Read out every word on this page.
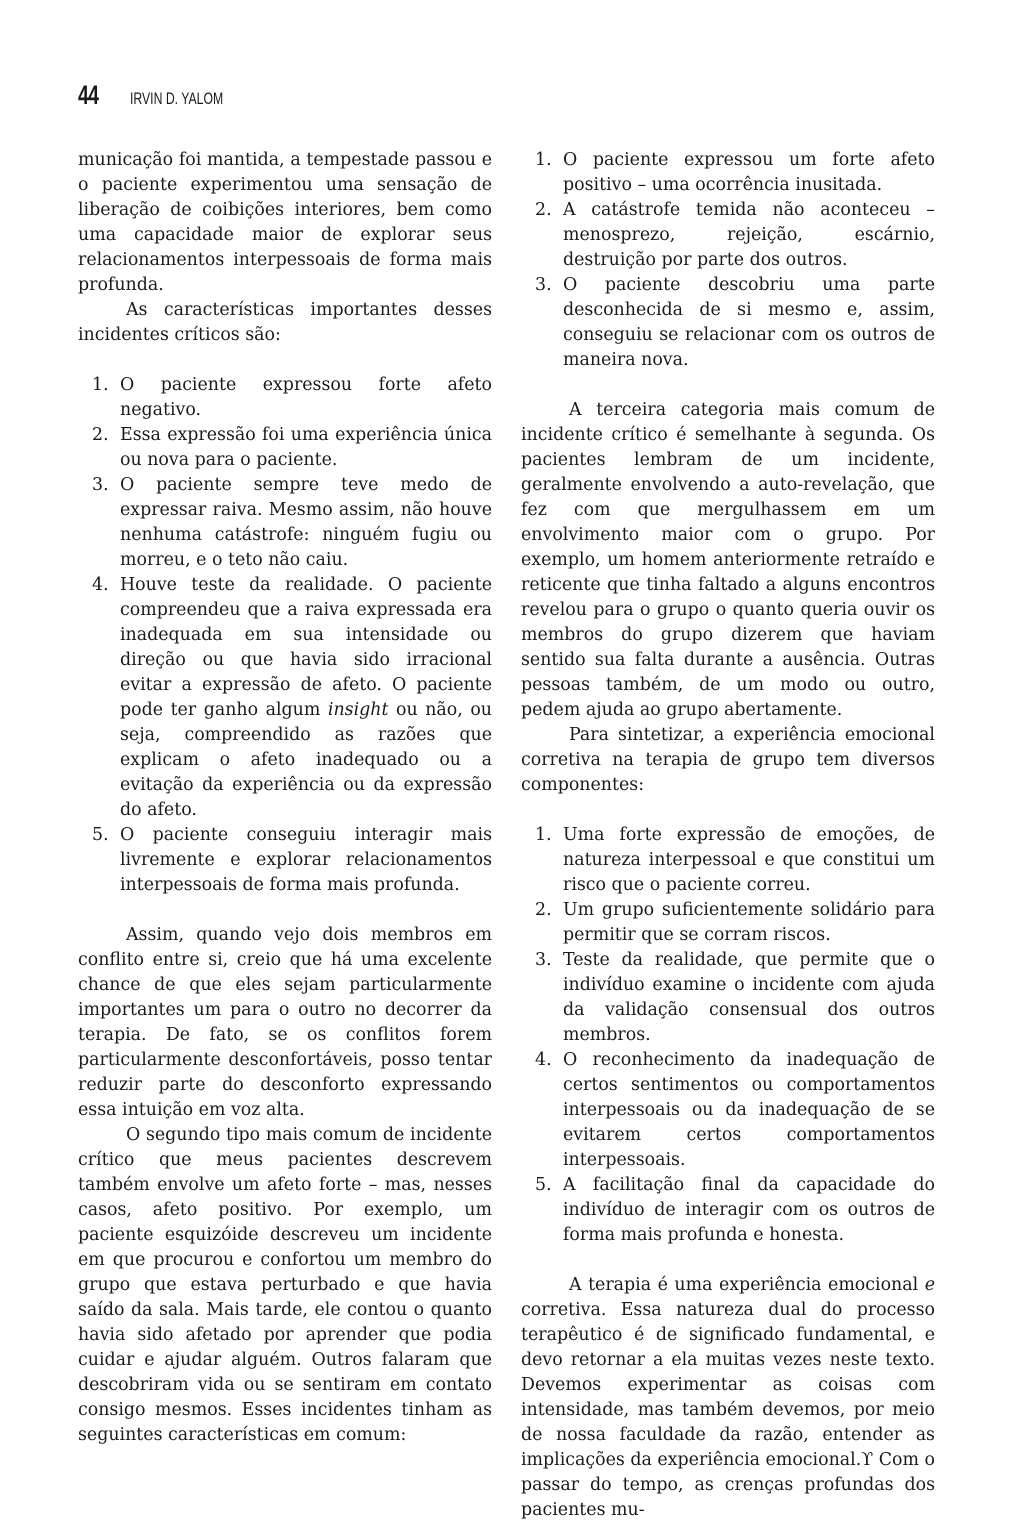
44 IRVIN D. YALOM

municação foi mantida, a tempestade passou e o paciente experimentou uma sensação de liberação de coibições interiores, bem como uma capacidade maior de explorar seus relacionamentos interpessoais de forma mais profunda.

As características importantes desses incidentes críticos são:

1. O paciente expressou forte afeto negativo.
2. Essa expressão foi uma experiência única ou nova para o paciente.
3. O paciente sempre teve medo de expressar raiva. Mesmo assim, não houve nenhuma catástrofe: ninguém fugiu ou morreu, e o teto não caiu.
4. Houve teste da realidade. O paciente compreendeu que a raiva expressada era inadequada em sua intensidade ou direção ou que havia sido irracional evitar a expressão de afeto. O paciente pode ter ganho algum insight ou não, ou seja, compreendido as razões que explicam o afeto inadequado ou a evitação da experiência ou da expressão do afeto.
5. O paciente conseguiu interagir mais livremente e explorar relacionamentos interpessoais de forma mais profunda.

Assim, quando vejo dois membros em conflito entre si, creio que há uma excelente chance de que eles sejam particularmente importantes um para o outro no decorrer da terapia. De fato, se os conflitos forem particularmente desconfortáveis, posso tentar reduzir parte do desconforto expressando essa intuição em voz alta.

O segundo tipo mais comum de incidente crítico que meus pacientes descrevem também envolve um afeto forte – mas, nesses casos, afeto positivo. Por exemplo, um paciente esquizóide descreveu um incidente em que procurou e confortou um membro do grupo que estava perturbado e que havia saído da sala. Mais tarde, ele contou o quanto havia sido afetado por aprender que podia cuidar e ajudar alguém. Outros falaram que descobriram vida ou se sentiram em contato consigo mesmos. Esses incidentes tinham as seguintes características em comum:

1. O paciente expressou um forte afeto positivo – uma ocorrência inusitada.
2. A catástrofe temida não aconteceu – menosprezo, rejeição, escárnio, destruição por parte dos outros.
3. O paciente descobriu uma parte desconhecida de si mesmo e, assim, conseguiu se relacionar com os outros de maneira nova.

A terceira categoria mais comum de incidente crítico é semelhante à segunda. Os pacientes lembram de um incidente, geralmente envolvendo a auto-revelação, que fez com que mergulhassem em um envolvimento maior com o grupo. Por exemplo, um homem anteriormente retraído e reticente que tinha faltado a alguns encontros revelou para o grupo o quanto queria ouvir os membros do grupo dizerem que haviam sentido sua falta durante a ausência. Outras pessoas também, de um modo ou outro, pedem ajuda ao grupo abertamente.

Para sintetizar, a experiência emocional corretiva na terapia de grupo tem diversos componentes:

1. Uma forte expressão de emoções, de natureza interpessoal e que constitui um risco que o paciente correu.
2. Um grupo suficientemente solidário para permitir que se corram riscos.
3. Teste da realidade, que permite que o indivíduo examine o incidente com ajuda da validação consensual dos outros membros.
4. O reconhecimento da inadequação de certos sentimentos ou comportamentos interpessoais ou da inadequação de se evitarem certos comportamentos interpessoais.
5. A facilitação final da capacidade do indivíduo de interagir com os outros de forma mais profunda e honesta.

A terapia é uma experiência emocional e corretiva. Essa natureza dual do processo terapêutico é de significado fundamental, e devo retornar a ela muitas vezes neste texto. Devemos experimentar as coisas com intensidade, mas também devemos, por meio de nossa faculdade da razão, entender as implicações da experiência emocional.ϒ Com o passar do tempo, as crenças profundas dos pacientes mu-
